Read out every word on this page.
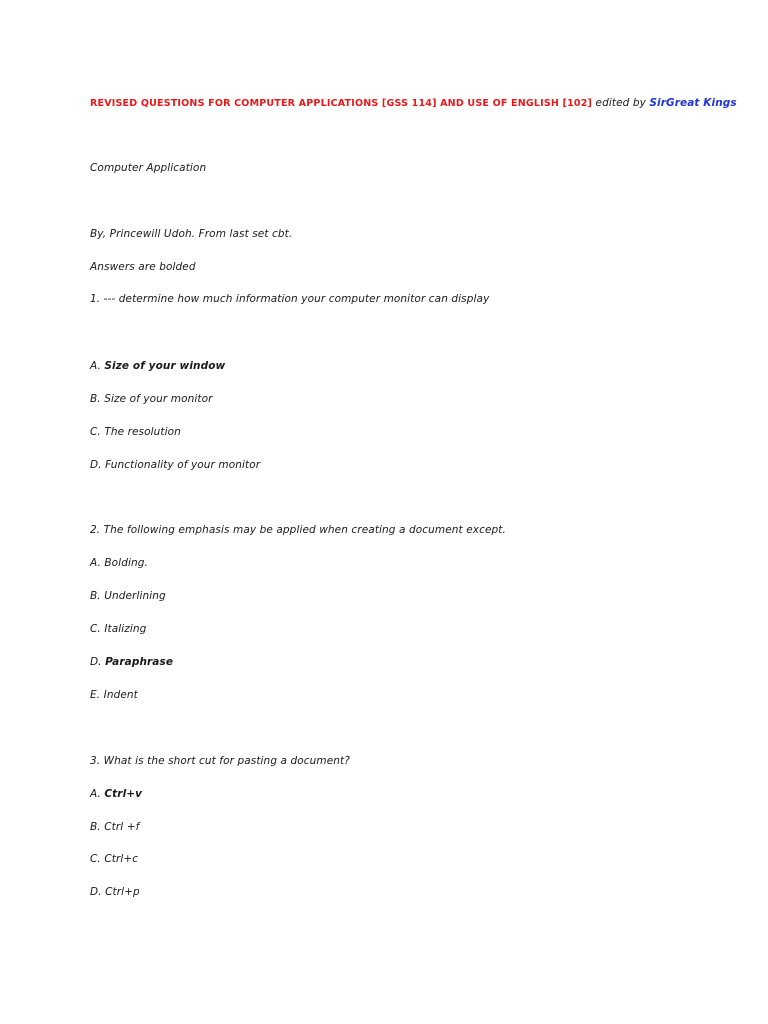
REVISED QUESTIONS FOR COMPUTER APPLICATIONS [GSS 114] AND USE OF ENGLISH [102] edited by SirGreat Kings
Computer Application
By, Princewill Udoh. From last set cbt.
Answers are bolded
1. --- determine how much information your computer monitor can display
A. Size of your window
B. Size of your monitor
C. The resolution
D. Functionality of your monitor
2. The following emphasis may be applied when creating a document except.
A. Bolding.
B. Underlining
C. Italizing
D. Paraphrase
E. Indent
3. What is the short cut for pasting a document?
A. Ctrl+v
B. Ctrl +f
C. Ctrl+c
D. Ctrl+p
